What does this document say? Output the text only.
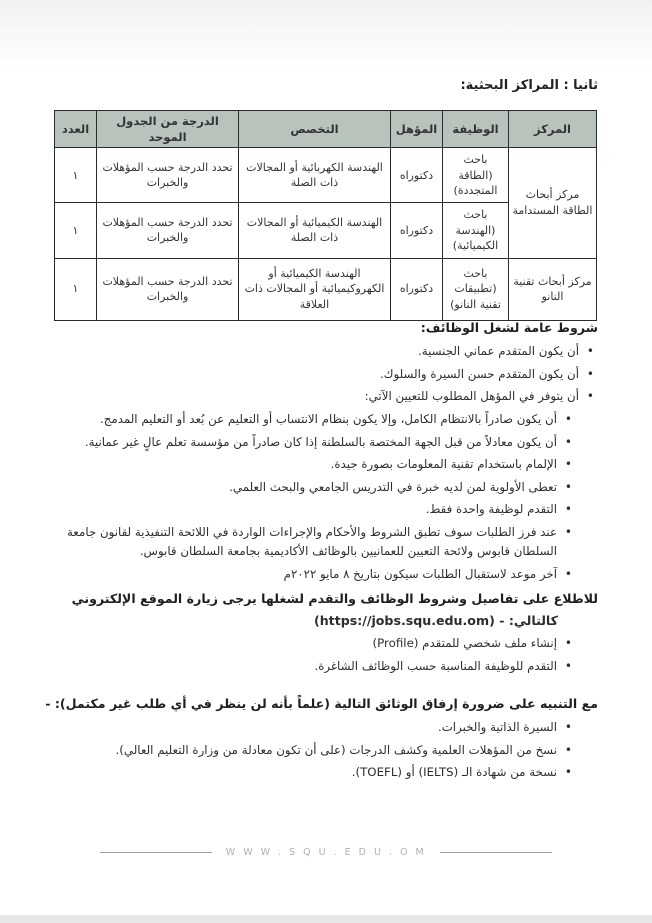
ثانيا : المراكز البحثية:
المركز	الوظيفة	المؤهل	التخصص	الدرجة من الجدول الموحد	العدد
مركز أبحاث الطاقة المستدامة	باحث (الطاقة المتجددة)	دكتوراه	الهندسة الكهربائية أو المجالات ذات الصلة	تحدد الدرجة حسب المؤهلات والخبرات	١
	باحث (الهندسة الكيميائية)	دكتوراه	الهندسة الكيميائية أو المجالات ذات الصلة	تحدد الدرجة حسب المؤهلات والخبرات	١
مركز أبحاث تقنية النانو	باحث (تطبيقات تقنية النانو)	دكتوراه	الهندسة الكيميائية أو الكهروكيميائية أو المجالات ذات العلاقة	تحدد الدرجة حسب المؤهلات والخبرات	١
شروط عامة لشغل الوظائف:
• أن يكون المتقدم عماني الجنسية.
• أن يكون المتقدم حسن السيرة والسلوك.
• أن يتوفر في المؤهل المطلوب للتعيين الآتي:
• أن يكون صادراً بالانتظام الكامل، وإلا يكون بنظام الانتساب أو التعليم عن بُعد أو التعليم المدمج.
• أن يكون معادلاً من قبل الجهة المختصة بالسلطنة إذا كان صادراً من مؤسسة تعلم عالٍ غير عمانية.
• الإلمام باستخدام تقنية المعلومات بصورة جيدة.
• تعطى الأولوية لمن لديه خبرة في التدريس الجامعي والبحث العلمي.
• التقدم لوظيفة واحدة فقط.
• عند فرز الطلبات سوف تطبق الشروط والأحكام والإجراءات الواردة في اللائحة التنفيذية لقانون جامعة السلطان قابوس ولائحة التعيين للعمانيين بالوظائف الأكاديمية بجامعة السلطان قابوس.
• آخر موعد لاستقبال الطلبات سيكون بتاريخ ٨ مايو ٢٠٢٢م
للاطلاع على تفاصيل وشروط الوظائف والتقدم لشغلها يرجى زيارة الموقع الإلكتروني
كالتالي: - (https://jobs.squ.edu.om)
• إنشاء ملف شخصي للمتقدم (Profile)
• التقدم للوظيفة المناسبة حسب الوظائف الشاغرة.
مع التنبيه على ضرورة إرفاق الوثائق التالية (علماً بأنه لن ينظر في أي طلب غير مكتمل): -
• السيرة الذاتية والخبرات.
• نسخ من المؤهلات العلمية وكشف الدرجات (على أن تكون معادلة من وزارة التعليم العالي).
• نسخة من شهادة الـ (IELTS) أو (TOEFL).
W W W . S Q U . E D U . O M
